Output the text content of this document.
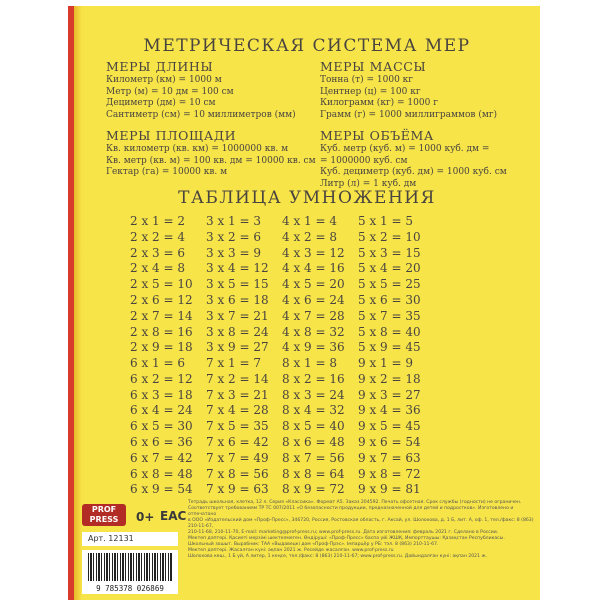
МЕТРИЧЕСКАЯ СИСТЕМА МЕР
МЕРЫ ДЛИНЫ
Километр (км) = 1000 м
Метр (м) = 10 дм = 100 см
Дециметр (дм) = 10 см
Сантиметр (см) = 10 миллиметров (мм)
МЕРЫ ПЛОЩАДИ
Кв. километр (кв. км) = 1000000 кв. м
Кв. метр (кв. м) = 100 кв. дм = 10000 кв. см
Гектар (га) = 10000 кв. м
МЕРЫ МАССЫ
Тонна (т) = 1000 кг
Центнер (ц) = 100 кг
Килограмм (кг) = 1000 г
Грамм (г) = 1000 миллиграммов (мг)
МЕРЫ ОБЪЁМА
Куб. метр (куб. м) = 1000 куб. дм =
= 1000000 куб. см
Куб. дециметр (куб. дм) = 1000 куб. см
Литр (л) = 1 куб. дм
ТАБЛИЦА УМНОЖЕНИЯ
2 x 1 = 2
2 x 2 = 4
2 x 3 = 6
2 x 4 = 8
2 x 5 = 10
2 x 6 = 12
2 x 7 = 14
2 x 8 = 16
2 x 9 = 18
3 x 1 = 3
3 x 2 = 6
3 x 3 = 9
3 x 4 = 12
3 x 5 = 15
3 x 6 = 18
3 x 7 = 21
3 x 8 = 24
3 x 9 = 27
4 x 1 = 4
4 x 2 = 8
4 x 3 = 12
4 x 4 = 16
4 x 5 = 20
4 x 6 = 24
4 x 7 = 28
4 x 8 = 32
4 x 9 = 36
5 x 1 = 5
5 x 2 = 10
5 x 3 = 15
5 x 4 = 20
5 x 5 = 25
5 x 6 = 30
5 x 7 = 35
5 x 8 = 40
5 x 9 = 45
6 x 1 = 6
6 x 2 = 12
6 x 3 = 18
6 x 4 = 24
6 x 5 = 30
6 x 6 = 36
6 x 7 = 42
6 x 8 = 48
6 x 9 = 54
7 x 1 = 7
7 x 2 = 14
7 x 3 = 21
7 x 4 = 28
7 x 5 = 35
7 x 6 = 42
7 x 7 = 49
7 x 8 = 56
7 x 9 = 63
8 x 1 = 8
8 x 2 = 16
8 x 3 = 24
8 x 4 = 32
8 x 5 = 40
8 x 6 = 48
8 x 7 = 56
8 x 8 = 64
8 x 9 = 72
9 x 1 = 9
9 x 2 = 18
9 x 3 = 27
9 x 4 = 36
9 x 5 = 45
9 x 6 = 54
9 x 7 = 63
9 x 8 = 72
9 x 9 = 81
PROF
PRESS	0+ EAC
Арт. 12131
9 785378 026869
Тетрадь школьная, клетка, 12 л. Серия «Классика». Формат А5. Заказ 204592. Печать офсетная. Срок службы (годности) не ограничен.
Соответствует требованиям ТР ТС 007/2011 «О безопасности продукции, предназначенной для детей и подростков». Изготовлено и отпечатано
в ООО «Издательский дом «Проф-Пресс», 346720, Россия, Ростовская область, г. Аксай, ул. Шолохова, д. 1 Б, лит. А, оф. 1, тел./факс: 8 (863) 210-11-67,
210-11-68, 210-11-70, E-mail: marketing@prof-press.ru; www.prof-press.ru. Дата изготовления: февраль 2021 г. Сделано в России.
Мектеп дәптері. Қасиеті мерзімі шектелмеген. Өндіруші: «Проф-Пресс» баспа үйі ЖШҚ. Импорттаушы: Қазақстан Республикасы.
Школьный зошыт. Вырабник: ТАА «Выдавецкi дом «Проф-Прэс». Iмпарцёр у РБ: тэл. 8 (863) 210-11-67.
Мектеп дәптері. Жасалған күні: ақпан 2021 ж. Ресейде жасалған. www.prof-press.ru
Шолохова көш., 1 Б үй, А литер, 1 кеңсе, тел./факс: 8 (863) 210-11-67; www.prof-press.ru. Дайындалған күні: ақпан 2021 ж.
